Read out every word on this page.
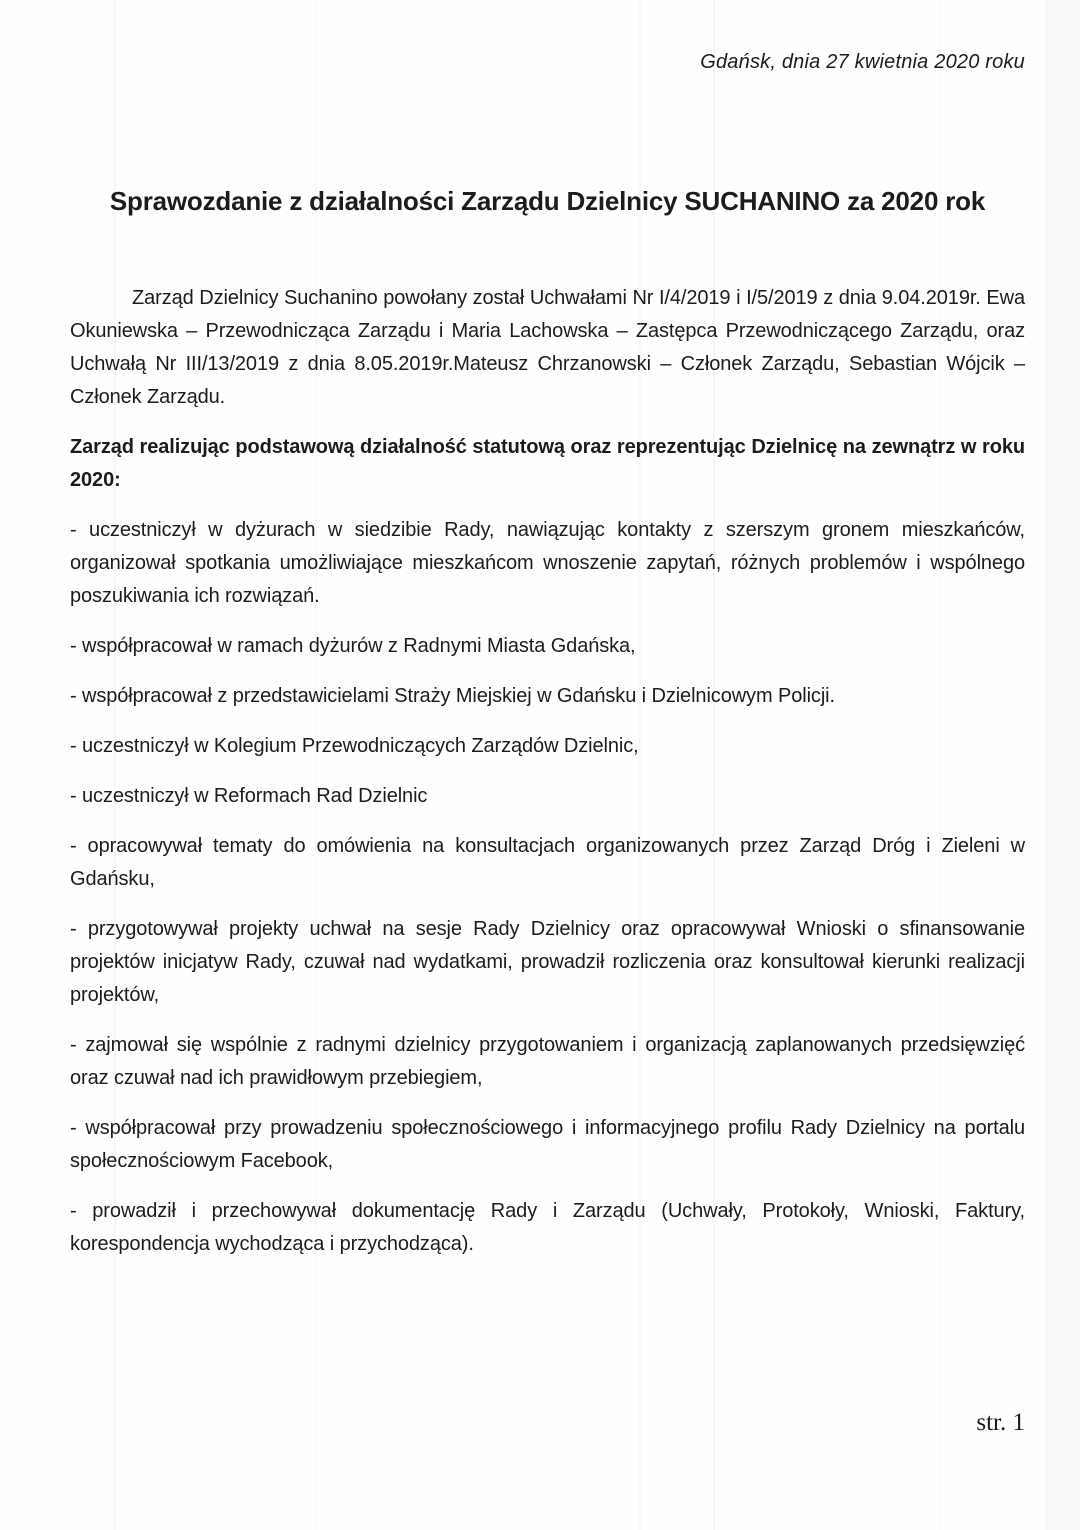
Gdańsk, dnia 27 kwietnia 2020 roku
Sprawozdanie z działalności Zarządu Dzielnicy SUCHANINO za 2020 rok

Zarząd Dzielnicy Suchanino powołany został Uchwałami Nr I/4/2019 i I/5/2019 z dnia 9.04.2019r. Ewa Okuniewska – Przewodnicząca Zarządu i Maria Lachowska – Zastępca Przewodniczącego Zarządu, oraz Uchwałą Nr III/13/2019 z dnia 8.05.2019r.Mateusz Chrzanowski – Członek Zarządu, Sebastian Wójcik – Członek Zarządu.

Zarząd realizując podstawową działalność statutową oraz reprezentując Dzielnicę na zewnątrz w roku 2020:

- uczestniczył w dyżurach w siedzibie Rady, nawiązując kontakty z szerszym gronem mieszkańców, organizował spotkania umożliwiające mieszkańcom wnoszenie zapytań, różnych problemów i wspólnego poszukiwania ich rozwiązań.

- współpracował w ramach dyżurów z Radnymi Miasta Gdańska,

- współpracował z przedstawicielami Straży Miejskiej w Gdańsku i Dzielnicowym Policji.

- uczestniczył w Kolegium Przewodniczących Zarządów Dzielnic,

- uczestniczył w Reformach Rad Dzielnic

- opracowywał tematy do omówienia na konsultacjach organizowanych przez Zarząd Dróg i Zieleni w Gdańsku,

- przygotowywał projekty uchwał na sesje Rady Dzielnicy oraz opracowywał Wnioski o sfinansowanie projektów inicjatyw Rady, czuwał nad wydatkami, prowadził rozliczenia oraz konsultował kierunki realizacji projektów,

- zajmował się wspólnie z radnymi dzielnicy przygotowaniem i organizacją zaplanowanych przedsięwzięć oraz czuwał nad ich prawidłowym przebiegiem,

- współpracował przy prowadzeniu społecznościowego i informacyjnego profilu Rady Dzielnicy na portalu społecznościowym Facebook,

- prowadził i przechowywał dokumentację Rady i Zarządu (Uchwały, Protokoły, Wnioski, Faktury, korespondencja wychodząca i przychodząca).

str. 1
